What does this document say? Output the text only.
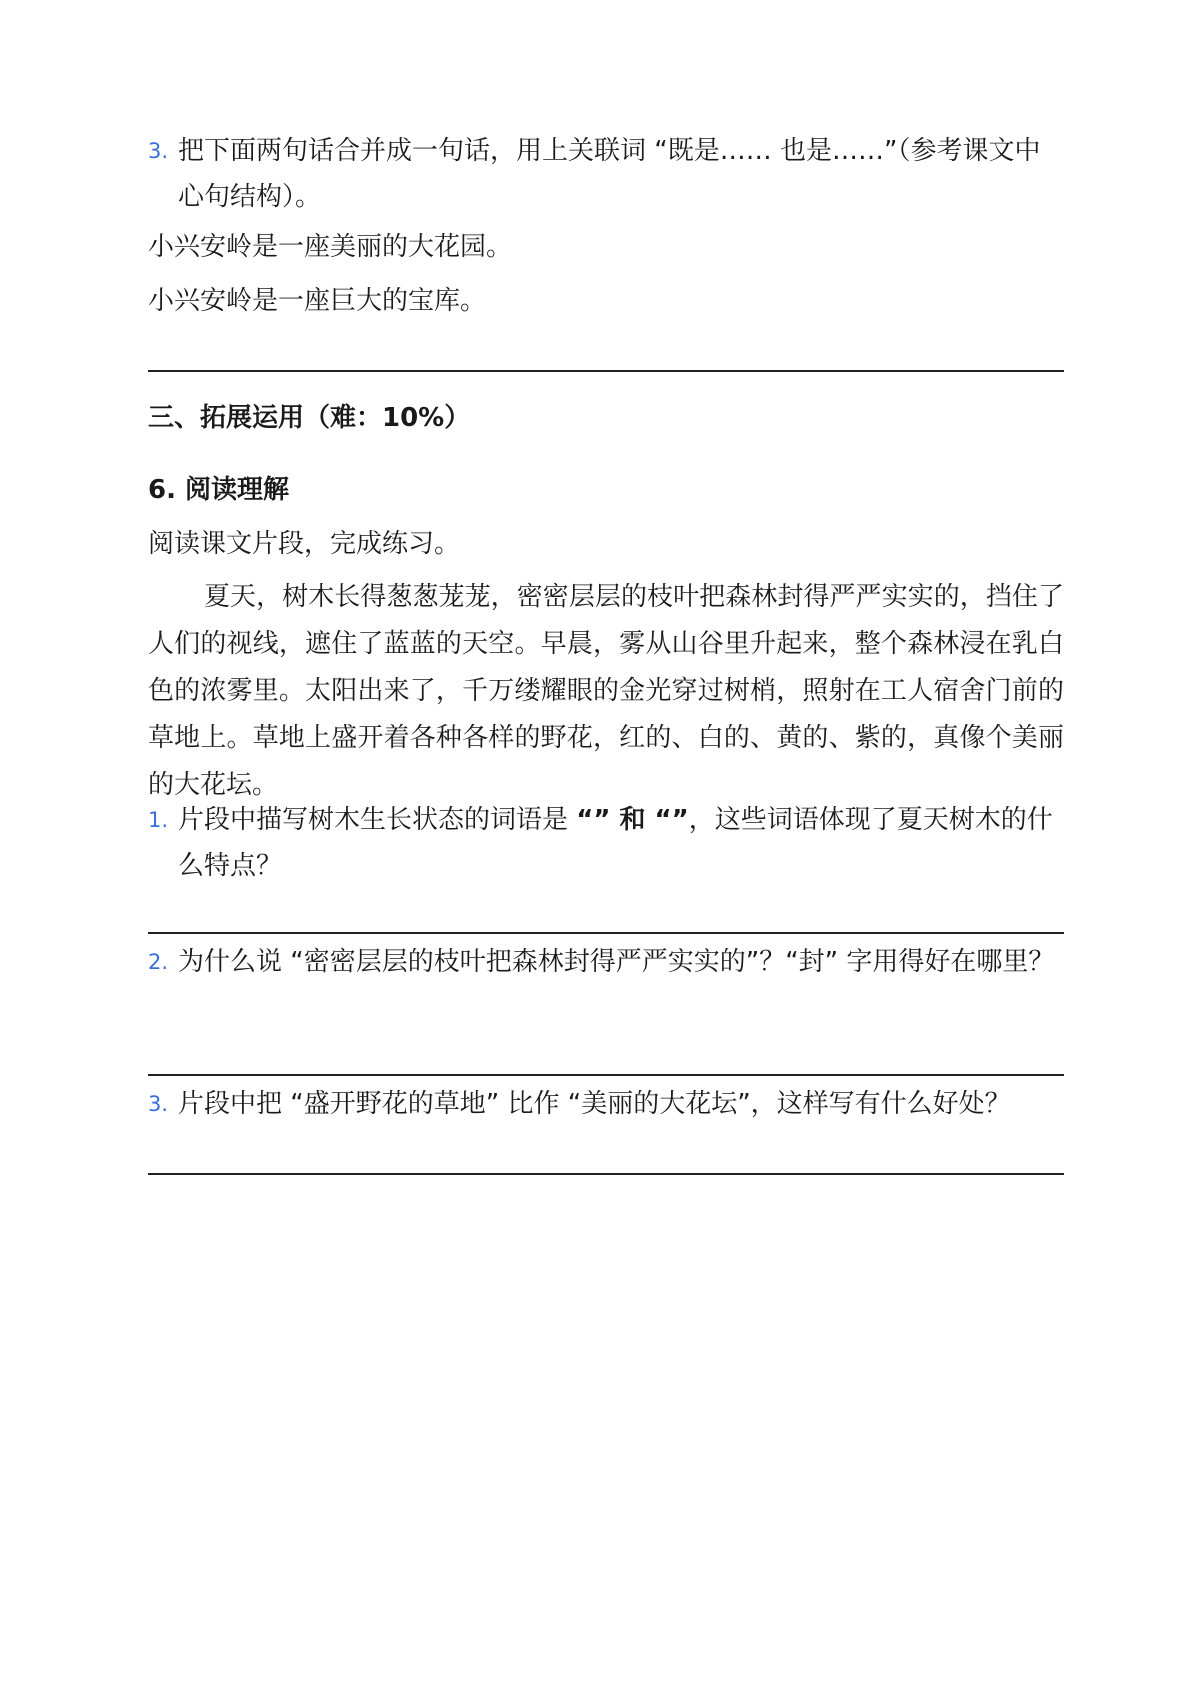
3. 把下面两句话合并成一句话，用上关联词 “既是…… 也是……”（参考课文中心句结构）。
小兴安岭是一座美丽的大花园。
小兴安岭是一座巨大的宝库。
三、拓展运用（难：10%）
6. 阅读理解
阅读课文片段，完成练习。
夏天，树木长得葱葱茏茏，密密层层的枝叶把森林封得严严实实的，挡住了人们的视线，遮住了蓝蓝的天空。早晨，雾从山谷里升起来，整个森林浸在乳白色的浓雾里。太阳出来了，千万缕耀眼的金光穿过树梢，照射在工人宿舍门前的草地上。草地上盛开着各种各样的野花，红的、白的、黄的、紫的，真像个美丽的大花坛。
1. 片段中描写树木生长状态的词语是 “” 和 “”，这些词语体现了夏天树木的什么特点？
2. 为什么说 “密密层层的枝叶把森林封得严严实实的”？“封” 字用得好在哪里？
3. 片段中把 “盛开野花的草地” 比作 “美丽的大花坛”，这样写有什么好处？
